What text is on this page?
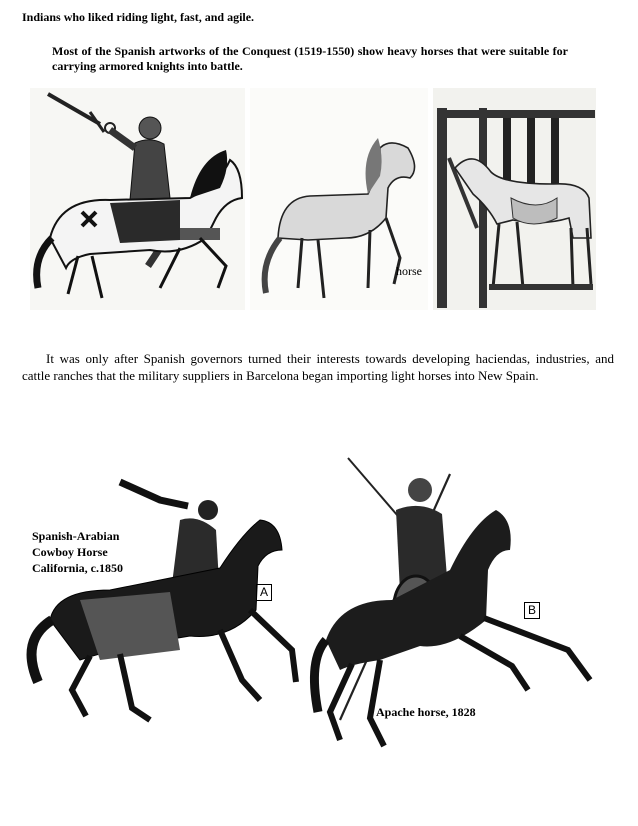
Indians who liked riding light, fast, and agile.
Most of the Spanish artworks of the Conquest (1519-1550) show heavy horses that were suitable for carrying armored knights into battle.
horse
It was only after Spanish governors turned their interests towards developing haciendas, industries, and cattle ranches that the military suppliers in Barcelona began importing light horses into New Spain.
Spanish-Arabian
Cowboy Horse
California, c.1850
A
B
Apache horse, 1828
